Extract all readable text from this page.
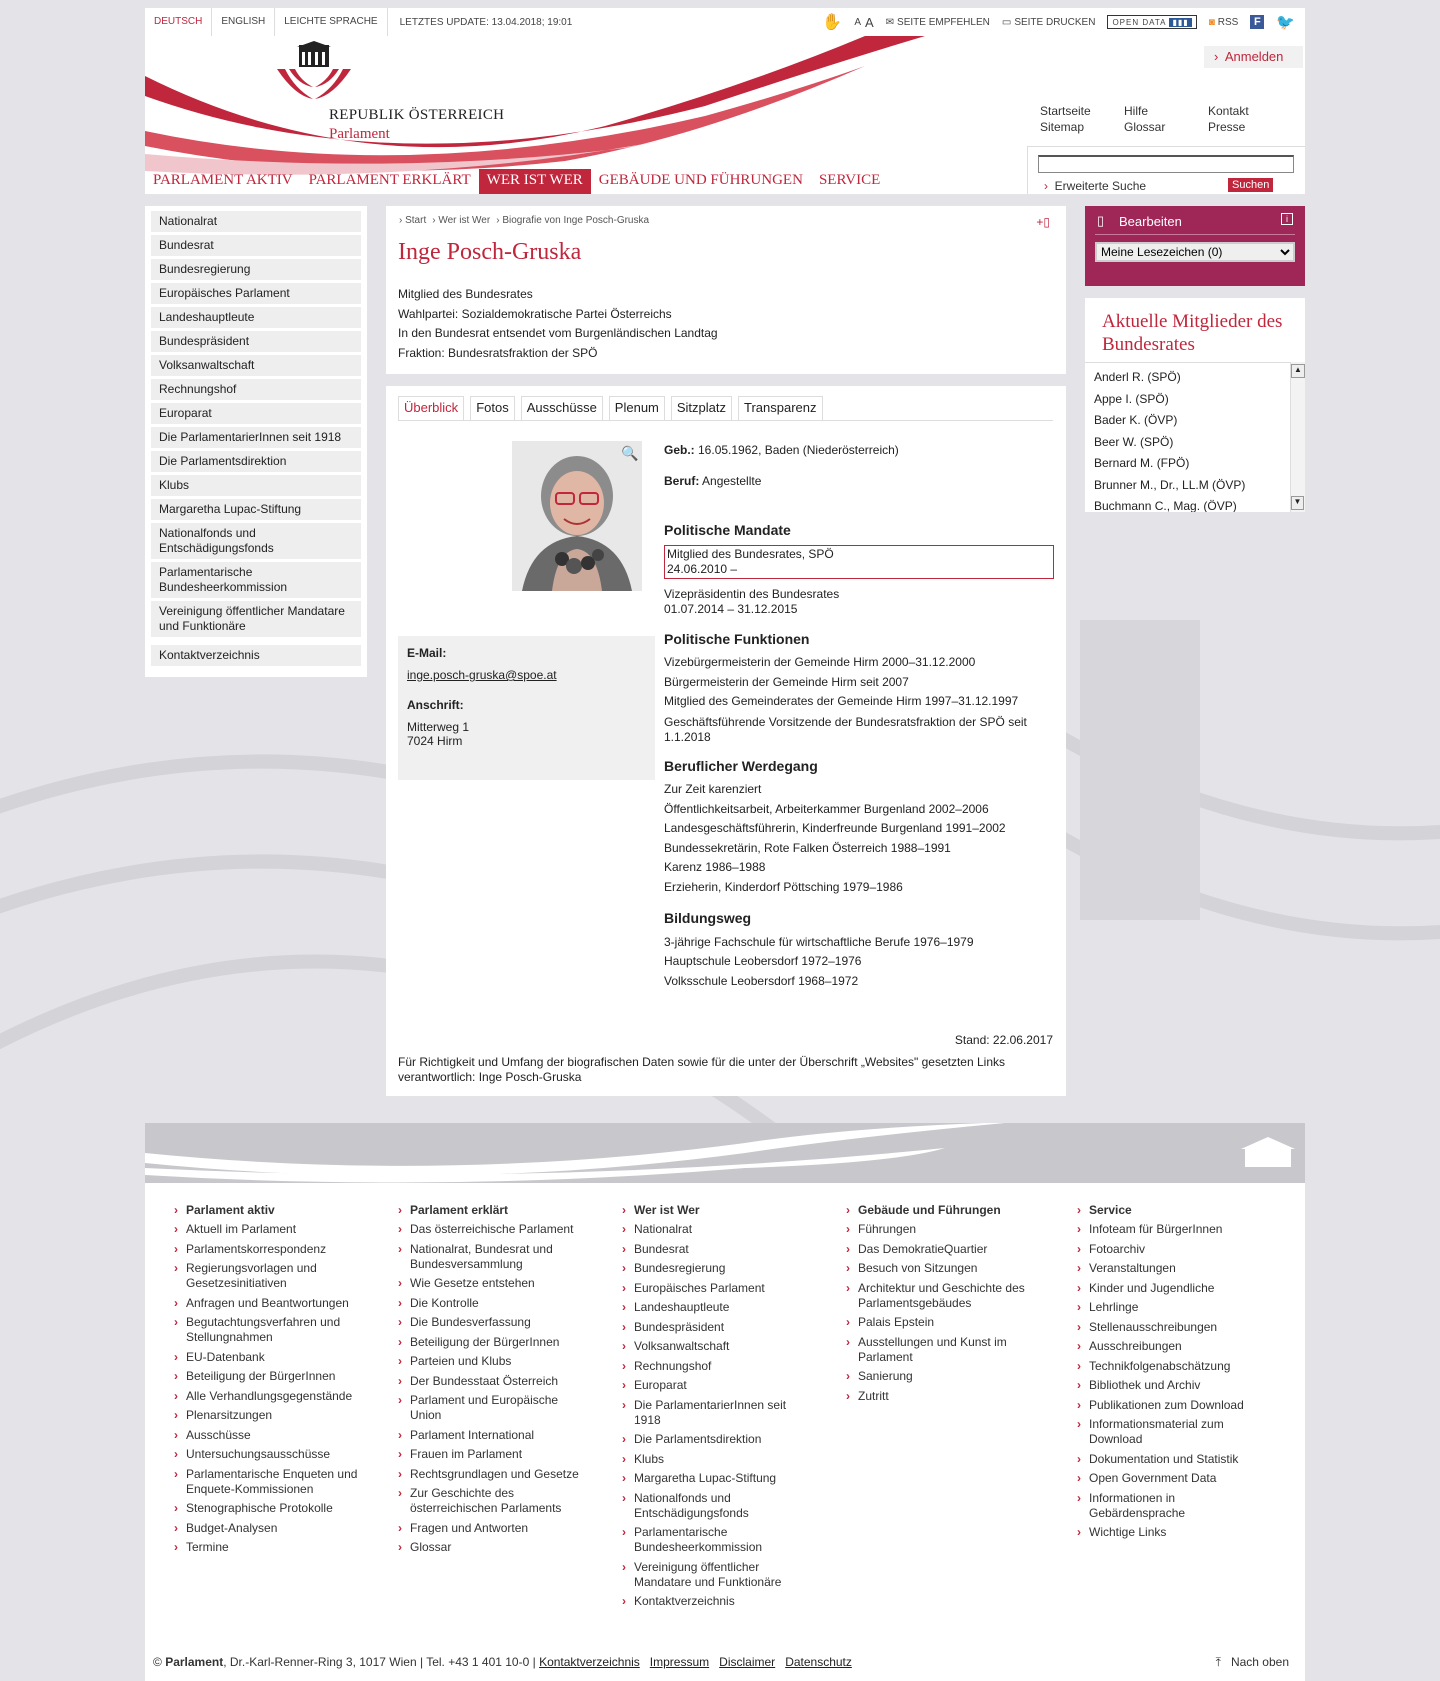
DEUTSCH	ENGLISH	LEICHTE SPRACHE	LETZTES UPDATE: 13.04.2018; 19:01	✋ A A ✉ SEITE EMPFEHLEN ▭ SEITE DRUCKEN OPEN DATA ▮▮▮	◙ RSS	F 🐦
REPUBLIK ÖSTERREICH
Parlament
›  Anmelden
Startseite	Hilfe	Kontakt
Sitemap	Glossar	Presse
› Erweiterte Suche	Suchen
PARLAMENT AKTIV	PARLAMENT ERKLÄRT	WER IST WER	GEBÄUDE UND FÜHRUNGEN	SERVICE
Nationalrat
Bundesrat
Bundesregierung
Europäisches Parlament
Landeshauptleute
Bundespräsident
Volksanwaltschaft
Rechnungshof
Europarat
Die ParlamentarierInnen seit 1918
Die Parlamentsdirektion
Klubs
Margaretha Lupac-Stiftung
Nationalfonds und Entschädigungsfonds
Parlamentarische Bundesheerkommission
Vereinigung öffentlicher Mandatare und Funktionäre
Kontaktverzeichnis
› Start	› Wer ist Wer	› Biografie von Inge Posch-Gruska	+▯
Inge Posch-Gruska
Mitglied des Bundesrates
Wahlpartei: Sozialdemokratische Partei Österreichs
In den Bundesrat entsendet vom Burgenländischen Landtag
Fraktion: Bundesratsfraktion der SPÖ
Überblick	Fotos	Ausschüsse	Plenum	Sitzplatz	Transparenz
🔍
E-Mail:
inge.posch-gruska@spoe.at
Anschrift:
Mitterweg 1
7024 Hirm
Geb.: 16.05.1962, Baden (Niederösterreich)
Beruf: Angestellte
Politische Mandate
Mitglied des Bundesrates, SPÖ
24.06.2010 –
Vizepräsidentin des Bundesrates
01.07.2014 – 31.12.2015
Politische Funktionen
Vizebürgermeisterin der Gemeinde Hirm 2000–31.12.2000
Bürgermeisterin der Gemeinde Hirm seit 2007
Mitglied des Gemeinderates der Gemeinde Hirm 1997–31.12.1997
Geschäftsführende Vorsitzende der Bundesratsfraktion der SPÖ seit 1.1.2018
Beruflicher Werdegang
Zur Zeit karenziert
Öffentlichkeitsarbeit, Arbeiterkammer Burgenland 2002–2006
Landesgeschäftsführerin, Kinderfreunde Burgenland 1991–2002
Bundessekretärin, Rote Falken Österreich 1988–1991
Karenz 1986–1988
Erzieherin, Kinderdorf Pöttsching 1979–1986
Bildungsweg
3-jährige Fachschule für wirtschaftliche Berufe 1976–1979
Hauptschule Leobersdorf 1972–1976
Volksschule Leobersdorf 1968–1972
Stand: 22.06.2017
Für Richtigkeit und Umfang der biografischen Daten sowie für die unter der Überschrift „Websites" gesetzten Links verantwortlich: Inge Posch-Gruska
▯ Bearbeiten	i
Meine Lesezeichen (0)
Aktuelle Mitglieder des Bundesrates
Anderl R. (SPÖ)
Appe I. (SPÖ)
Bader K. (ÖVP)
Beer W. (SPÖ)
Bernard M. (FPÖ)
Brunner M., Dr., LL.M (ÖVP)
Buchmann C., Mag. (ÖVP)
▲
▼
› Parlament aktiv
› Aktuell im Parlament
› Parlamentskorrespondenz
› Regierungsvorlagen und Gesetzesinitiativen
› Anfragen und Beantwortungen
› Begutachtungsverfahren und Stellungnahmen
› EU-Datenbank
› Beteiligung der BürgerInnen
› Alle Verhandlungsgegenstände
› Plenarsitzungen
› Ausschüsse
› Untersuchungsausschüsse
› Parlamentarische Enqueten und Enquete-Kommissionen
› Stenographische Protokolle
› Budget-Analysen
› Termine
› Parlament erklärt
› Das österreichische Parlament
› Nationalrat, Bundesrat und Bundesversammlung
› Wie Gesetze entstehen
› Die Kontrolle
› Die Bundesverfassung
› Beteiligung der BürgerInnen
› Parteien und Klubs
› Der Bundesstaat Österreich
› Parlament und Europäische Union
› Parlament International
› Frauen im Parlament
› Rechtsgrundlagen und Gesetze
› Zur Geschichte des österreichischen Parlaments
› Fragen und Antworten
› Glossar
› Wer ist Wer
› Nationalrat
› Bundesrat
› Bundesregierung
› Europäisches Parlament
› Landeshauptleute
› Bundespräsident
› Volksanwaltschaft
› Rechnungshof
› Europarat
› Die ParlamentarierInnen seit 1918
› Die Parlamentsdirektion
› Klubs
› Margaretha Lupac-Stiftung
› Nationalfonds und Entschädigungsfonds
› Parlamentarische Bundesheerkommission
› Vereinigung öffentlicher Mandatare und Funktionäre
› Kontaktverzeichnis
› Gebäude und Führungen
› Führungen
› Das DemokratieQuartier
› Besuch von Sitzungen
› Architektur und Geschichte des Parlamentsgebäudes
› Palais Epstein
› Ausstellungen und Kunst im Parlament
› Sanierung
› Zutritt
› Service
› Infoteam für BürgerInnen
› Fotoarchiv
› Veranstaltungen
› Kinder und Jugendliche
› Lehrlinge
› Stellenausschreibungen
› Ausschreibungen
› Technikfolgenabschätzung
› Bibliothek und Archiv
› Publikationen zum Download
› Informationsmaterial zum Download
› Dokumentation und Statistik
› Open Government Data
› Informationen in Gebärdensprache
› Wichtige Links
© Parlament, Dr.-Karl-Renner-Ring 3, 1017 Wien | Tel. +43 1 401 10-0 | Kontaktverzeichnis Impressum Disclaimer Datenschutz	⤒ Nach oben
